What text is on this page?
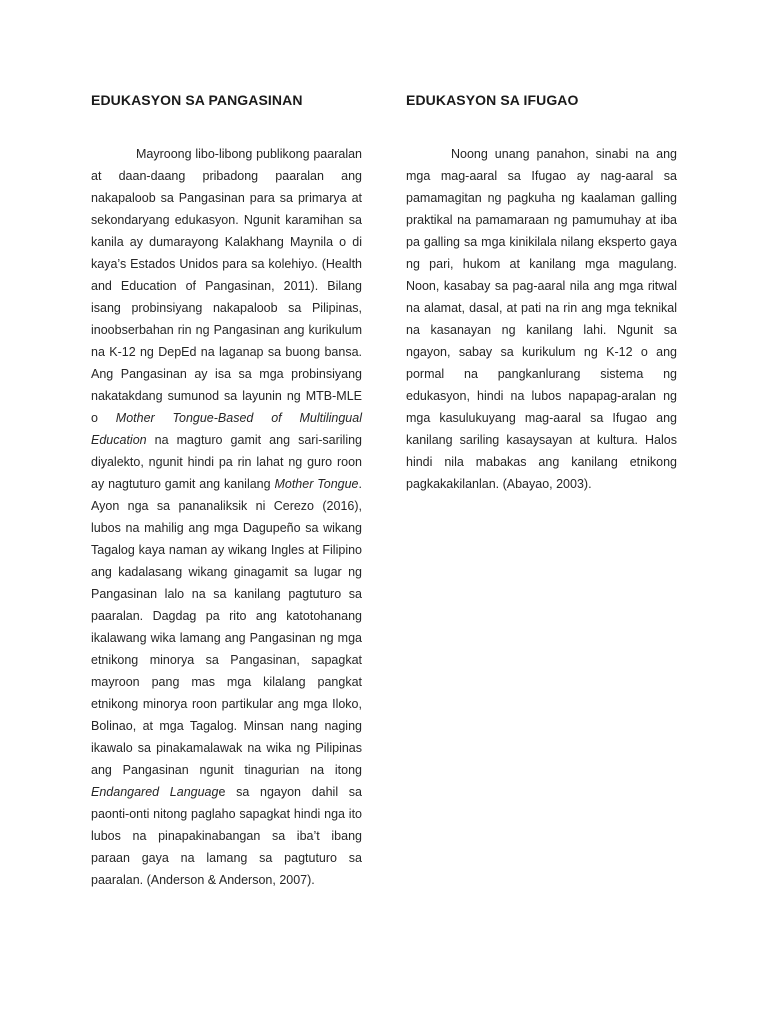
EDUKASYON SA PANGASINAN

Mayroong libo-libong publikong paaralan at daan-daang pribadong paaralan ang nakapaloob sa Pangasinan para sa primarya at sekondaryang edukasyon. Ngunit karamihan sa kanila ay dumarayong Kalakhang Maynila o di kaya’s Estados Unidos para sa kolehiyo. (Health and Education of Pangasinan, 2011). Bilang isang probinsiyang nakapaloob sa Pilipinas, inoobserbahan rin ng Pangasinan ang kurikulum na K-12 ng DepEd na laganap sa buong bansa. Ang Pangasinan ay isa sa mga probinsiyang nakatakdang sumunod sa layunin ng MTB-MLE o Mother Tongue-Based of Multilingual Education na magturo gamit ang sari-sariling diyalekto, ngunit hindi pa rin lahat ng guro roon ay nagtuturo gamit ang kanilang Mother Tongue. Ayon nga sa pananaliksik ni Cerezo (2016), lubos na mahilig ang mga Dagupeño sa wikang Tagalog kaya naman ay wikang Ingles at Filipino ang kadalasang wikang ginagamit sa lugar ng Pangasinan lalo na sa kanilang pagtuturo sa paaralan. Dagdag pa rito ang katotohanang ikalawang wika lamang ang Pangasinan ng mga etnikong minorya sa Pangasinan, sapagkat mayroon pang mas mga kilalang pangkat etnikong minorya roon partikular ang mga Iloko, Bolinao, at mga Tagalog. Minsan nang naging ikawalo sa pinakamalawak na wika ng Pilipinas ang Pangasinan ngunit tinagurian na itong Endangared Language sa ngayon dahil sa paonti-onti nitong paglaho sapagkat hindi nga ito lubos na pinapakinabangan sa iba’t ibang paraan gaya na lamang sa pagtuturo sa paaralan. (Anderson & Anderson, 2007).

EDUKASYON SA IFUGAO

Noong unang panahon, sinabi na ang mga mag-aaral sa Ifugao ay nag-aaral sa pamamagitan ng pagkuha ng kaalaman galling praktikal na pamamaraan ng pamumuhay at iba pa galling sa mga kinikilala nilang eksperto gaya ng pari, hukom at kanilang mga magulang. Noon, kasabay sa pag-aaral nila ang mga ritwal na alamat, dasal, at pati na rin ang mga teknikal na kasanayan ng kanilang lahi. Ngunit sa ngayon, sabay sa kurikulum ng K-12 o ang pormal na pangkanlurang sistema ng edukasyon, hindi na lubos napapag-aralan ng mga kasulukuyang mag-aaral sa Ifugao ang kanilang sariling kasaysayan at kultura. Halos hindi nila mabakas ang kanilang etnikong pagkakakilanlan. (Abayao, 2003).
